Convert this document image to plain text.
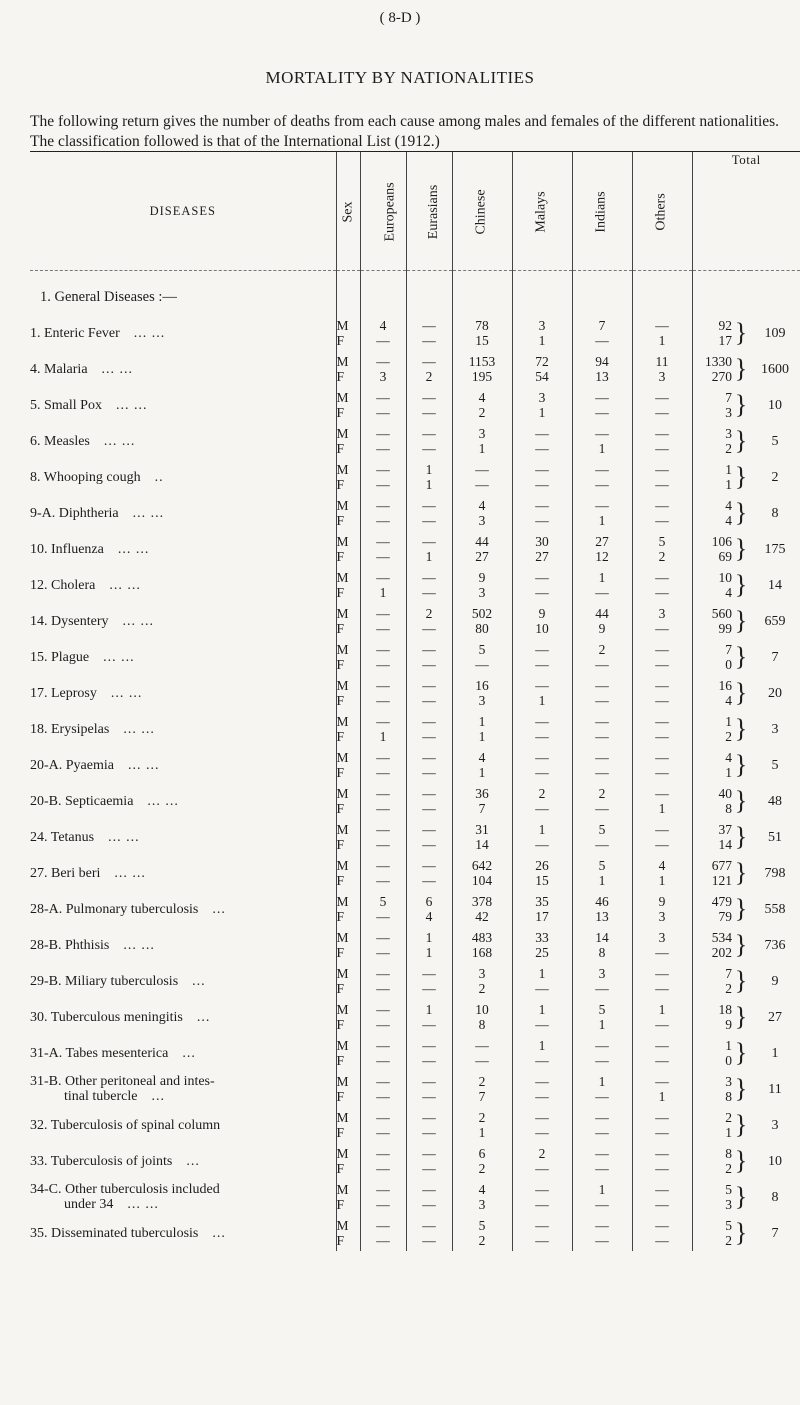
( 8-D )
MORTALITY BY NATIONALITIES
The following return gives the number of deaths from each cause among males and females of the different nationalities. The classification followed is that of the International List (1912.)
DISEASES	Sex	Europeans	Eurasians	Chinese	Malays	Indians	Others	Total		
1. General Diseases :—										
1. Enteric Fever ... ...	M	4	—	78	3	7	—	92	}	109
	F	—	—	15	1	—	1	17		
4. Malaria ... ...	M	—	—	1153	72	94	11	1330	}	1600
	F	3	2	195	54	13	3	270		
5. Small Pox ... ...	M	—	—	4	3	—	—	7	}	10
	F	—	—	2	1	—	—	3		
6. Measles ... ...	M	—	—	3	—	—	—	3	}	5
	F	—	—	1	—	1	—	2		
8. Whooping cough ..	M	—	1	—	—	—	—	1	}	2
	F	—	1	—	—	—	—	1		
9-A. Diphtheria ... ...	M	—	—	4	—	—	—	4	}	8
	F	—	—	3	—	1	—	4		
10. Influenza ... ...	M	—	—	44	30	27	5	106	}	175
	F	—	1	27	27	12	2	69		
12. Cholera ... ...	M	—	—	9	—	1	—	10	}	14
	F	1	—	3	—	—	—	4		
14. Dysentery ... ...	M	—	2	502	9	44	3	560	}	659
	F	—	—	80	10	9	—	99		
15. Plague ... ...	M	—	—	5	—	2	—	7	}	7
	F	—	—	—	—	—	—	0		
17. Leprosy ... ...	M	—	—	16	—	—	—	16	}	20
	F	—	—	3	1	—	—	4		
18. Erysipelas ... ...	M	—	—	1	—	—	—	1	}	3
	F	1	—	1	—	—	—	2		
20-A. Pyaemia ... ...	M	—	—	4	—	—	—	4	}	5
	F	—	—	1	—	—	—	1		
20-B. Septicaemia ... ...	M	—	—	36	2	2	—	40	}	48
	F	—	—	7	—	—	1	8		
24. Tetanus ... ...	M	—	—	31	1	5	—	37	}	51
	F	—	—	14	—	—	—	14		
27. Beri beri ... ...	M	—	—	642	26	5	4	677	}	798
	F	—	—	104	15	1	1	121		
28-A. Pulmonary tuberculosis ...	M	5	6	378	35	46	9	479	}	558
	F	—	4	42	17	13	3	79		
28-B. Phthisis ... ...	M	—	1	483	33	14	3	534	}	736
	F	—	1	168	25	8	—	202		
29-B. Miliary tuberculosis ...	M	—	—	3	1	3	—	7	}	9
	F	—	—	2	—	—	—	2		
30. Tuberculous meningitis ...	M	—	1	10	1	5	1	18	}	27
	F	—	—	8	—	1	—	9		
31-A. Tabes mesenterica ...	M	—	—	—	1	—	—	1	}	1
	F	—	—	—	—	—	—	0		
31-B. Other peritoneal and intes-
tinal tubercle ...	M	—	—	2	—	1	—	3	}	11
	F	—	—	7	—	—	1	8		
32. Tuberculosis of spinal column	M	—	—	2	—	—	—	2	}	3
	F	—	—	1	—	—	—	1		
33. Tuberculosis of joints ...	M	—	—	6	2	—	—	8	}	10
	F	—	—	2	—	—	—	2		
34-C. Other tuberculosis included
under 34 ... ...	M	—	—	4	—	1	—	5	}	8
	F	—	—	3	—	—	—	3		
35. Disseminated tuberculosis ...	M	—	—	5	—	—	—	5	}	7
	F	—	—	2	—	—	—	2		
